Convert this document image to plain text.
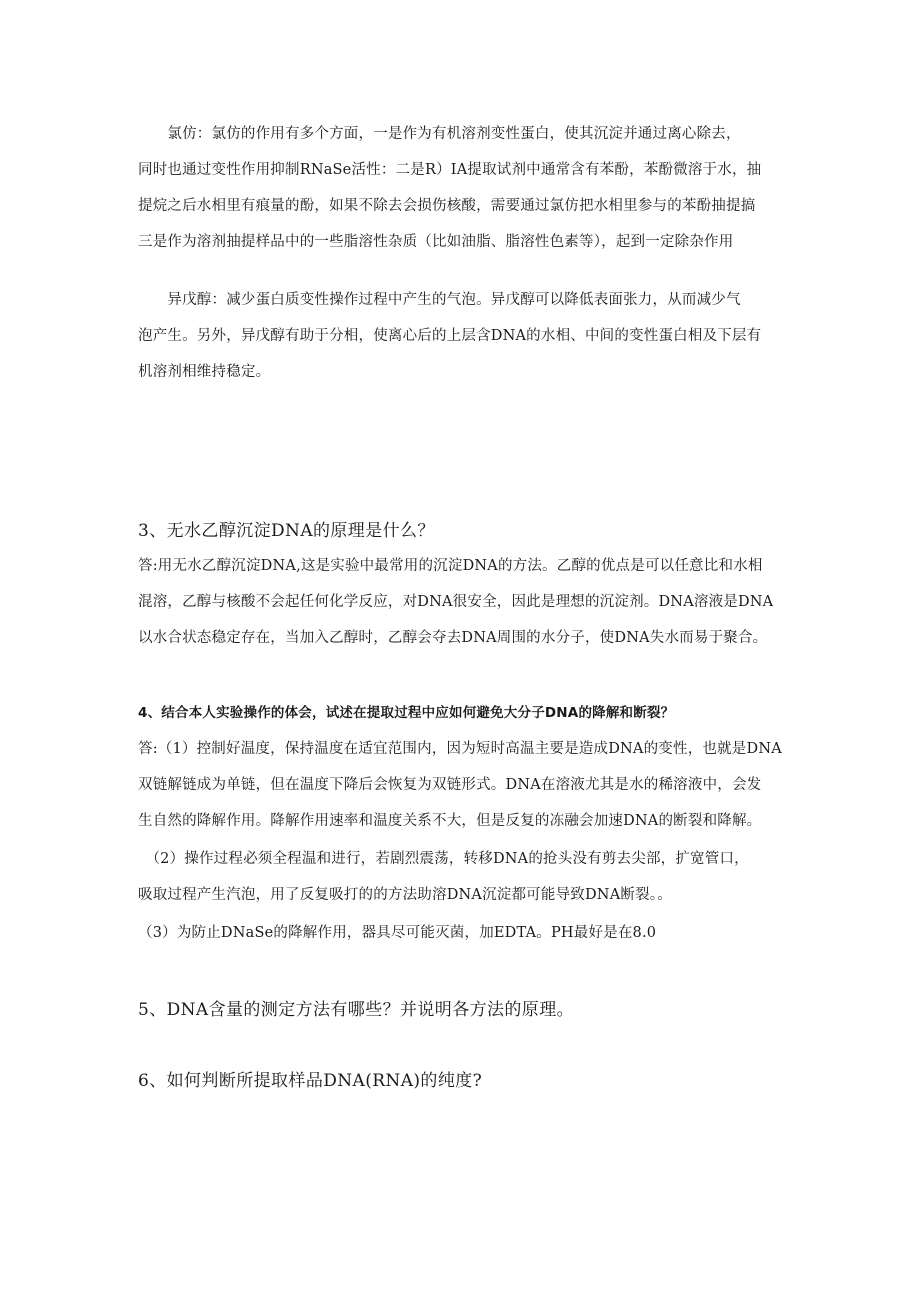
　　氯仿：氯仿的作用有多个方面，一是作为有机溶剂变性蛋白，使其沉淀并通过离心除去，
同时也通过变性作用抑制RNaSe活性：二是R）IA提取试剂中通常含有苯酚，苯酚微溶于水，抽
提烷之后水相里有痕量的酚，如果不除去会损伤核酸，需要通过氯仿把水相里参与的苯酚抽提搞
三是作为溶剂抽提样品中的一些脂溶性杂质（比如油脂、脂溶性色素等），起到一定除杂作用
　　异戊醇：减少蛋白质变性操作过程中产生的气泡。异戊醇可以降低表面张力，从而减少气
泡产生。另外，异戊醇有助于分相，使离心后的上层含DNA的水相、中间的变性蛋白相及下层有
机溶剂相维持稳定。
3、无水乙醇沉淀DNA的原理是什么？
答:用无水乙醇沉淀DNA,这是实验中最常用的沉淀DNA的方法。乙醇的优点是可以任意比和水相
混溶，乙醇与核酸不会起任何化学反应，对DNA很安全，因此是理想的沉淀剂。DNA溶液是DNA
以水合状态稳定存在，当加入乙醇时，乙醇会夺去DNA周围的水分子，使DNA失水而易于聚合。
4、结合本人实验操作的体会，试述在提取过程中应如何避免大分子DNA的降解和断裂？
答:（1）控制好温度，保持温度在适宜范围内，因为短时高温主要是造成DNA的变性，也就是DNA
双链解链成为单链，但在温度下降后会恢复为双链形式。DNA在溶液尤其是水的稀溶液中，会发
生自然的降解作用。降解作用速率和温度关系不大，但是反复的冻融会加速DNA的断裂和降解。
　（2）操作过程必须全程温和进行，若剧烈震荡，转移DNA的抢头没有剪去尖部，扩宽管口，
吸取过程产生汽泡，用了反复吸打的的方法助溶DNA沉淀都可能导致DNA断裂。。
（3）为防止DNaSe的降解作用，器具尽可能灭菌，加EDTA。PH最好是在8.0
5、DNA含量的测定方法有哪些？并说明各方法的原理。
6、如何判断所提取样品DNA(RNA)的纯度?
